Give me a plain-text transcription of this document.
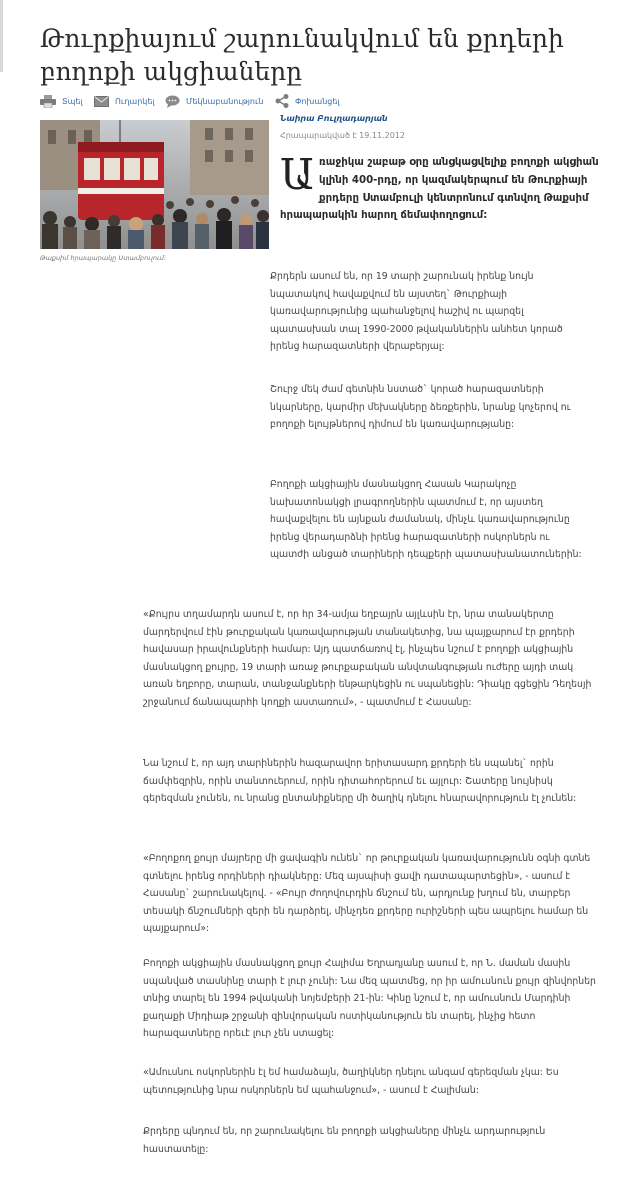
Թուրքիայում շարունակվում են քրդերի բողոքի ակցիաները
Տպել	Ուղարկել	Մեկնաբանություն	Փոխանցել
Նաիրա Բուլղադարյան
Հրապարակված է 19.11.2012
Թաքսիմ հրապարակը Ստամբուլում:
Առաջիկա շաբաթ օրը անցկացվելիք բողոքի ակցիան կլինի 400-րդը, որ կազմակերպում են Թուրքիայի քրդերը Ստամբուլի կենտրոնում գտնվող Թաքսիմ հրապարակին հարող ճեմափողոցում:

Քրդերն ասում են, որ 19 տարի շարունակ իրենք նույն նպատակով հավաքվում են այստեղ` Թուրքիայի կառավարությունից պահանջելով հաշիվ ու պարզել պատասխան տալ 1990-2000 թվականներին անհետ կորած իրենց հարազատների վերաբերյալ:

Շուրջ մեկ ժամ գետնին նստած` կորած հարազատների նկարները, կարմիր մեխակները ձեռքերին, նրանք կոչերով ու բողոքի ելույթներով դիմում են կառավարությանը:

Բողոքի ակցիային մասնակցող Հասան Կարակոչը նախատոնակցի լրագրողներին պատմում է, որ այստեղ հավաքվելու են այնքան ժամանակ, մինչև կառավարությունը իրենց վերադարձնի իրենց հարազատների ոսկորներն ու պատժի անցած տարիների դեպքերի պատասխանատուներին:

«Քույրս տղամարդն ասում է, որ հր 34-ամյա եղբայրն այլևսին էր, նրա տանակերտը մարդերվում էին թուրքական կառավարության տանակետից, նա պայքարում էր քրդերի հավասար իրավունքների համար: Այդ պատճառով էլ, ինչպես նշում է բողոքի ակցիային մասնակցող քույրը, 19 տարի առաջ թուրքաբական անվտանգության ուժերը այդի տակ առան եղբորը, տարան, տանջանքների ենթարկեցին ու սպանեցին: Դիակը գցեցին Դեղեսյի շրջանում ճանապարհի կողքի աստառում», - պատմում է Հասանը:

Նա նշում է, որ այդ տարիներին հազարավոր երիտասարդ քրդերի են սպանել` որին ճամփեզրին, որին տանտուերում, որին դիտահորերում եւ այլուր: Շատերը նույնիսկ գերեզման չունեն, ու նրանց ընտանիքները մի ծաղիկ դնելու հնարավորություն էլ չունեն:

«Բողոքող քույր մայրերը մի ցավագին ունեն` որ թուրքական կառավարությունն օգնի գտնե գտնելու իրենց որդիների դիակները: Մեզ այսպիսի ցավի դատապարտեցին», - ասում է Հասանը` շարունակելով. - «Բույր ժողովուրդին ճնշում են, արդյունք խղում են, տարբեր տեսակի ճնշումների զերի են դարձրել, մինչդեռ քրդերը ուրիշների պես ապրելու համար են պայքարում»:

Բողոքի ակցիային մասնակցող քույր Հալիմա Եղրադյանը ասում է, որ Ն. մաման մասին սպանված տասնինը տարի է լուր չունի: Նա մեզ պատմեց, որ իր ամուսնուն քույր զինվորներ տնից տարել են 1994 թվականի նոյեմբերի 21-ին: Կինը նշում է, որ ամուսնուն Մարդինի քաղաքի Միդիաթ շրջանի զինվորական ոստիկանություն են տարել, ինչից հետո հարազատները որեւէ լուր չեն ստացել:

«Ամուսնու ոսկորներին էլ եմ համաձայն, ծաղիկներ դնելու անգամ գերեզման չկա: Ես պետությունից նրա ոսկորներն եմ պահանջում», - ասում է Հալիման:

Քրդերը պնդում են, որ շարունակելու են բողոքի ակցիաները մինչև արդարություն հաստատելը:
